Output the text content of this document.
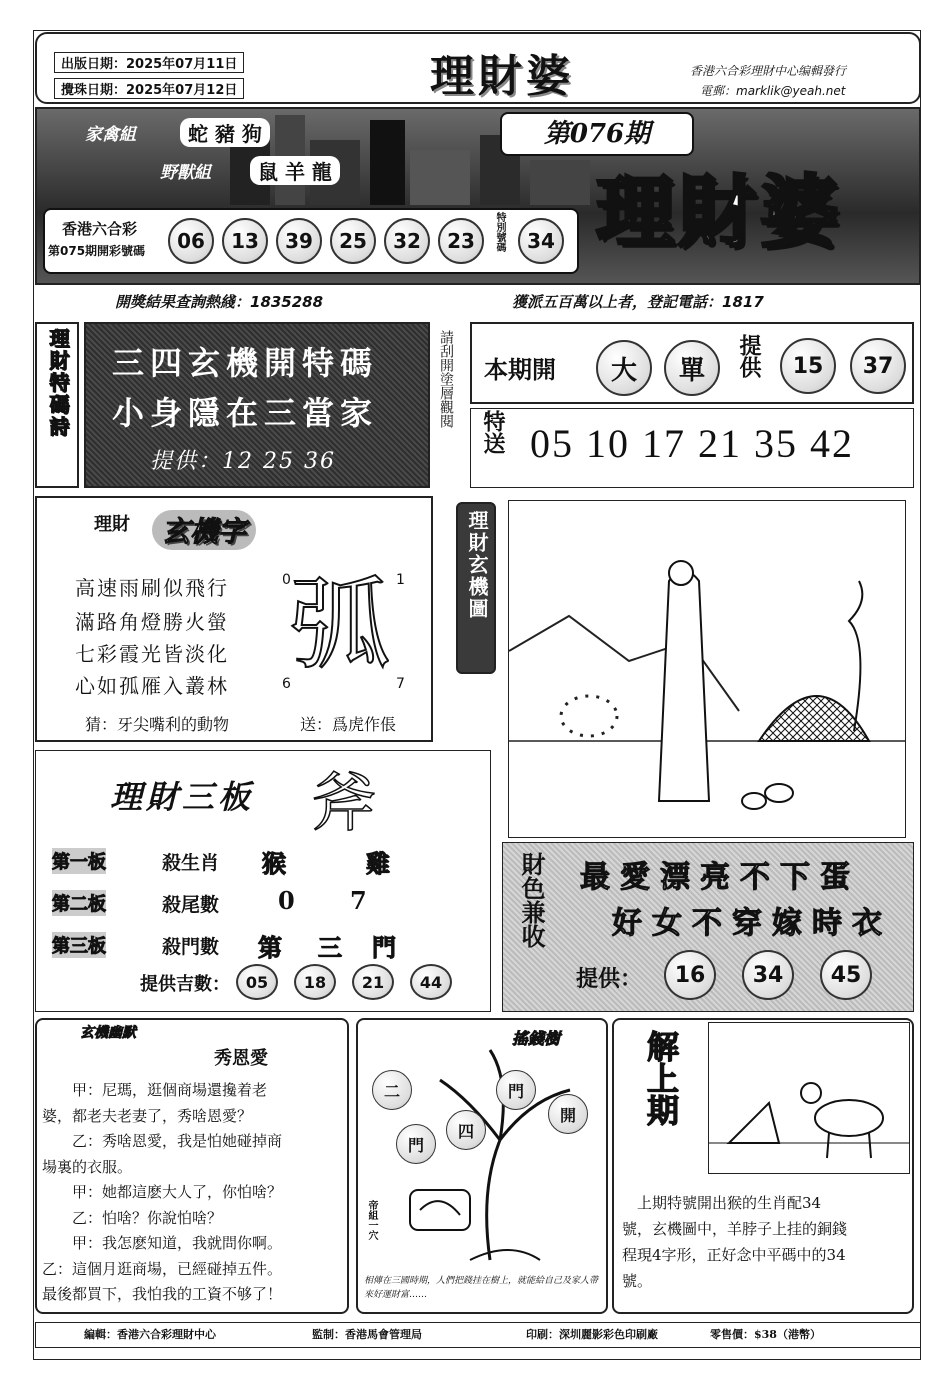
出版日期：2025年07月11日
攪珠日期：2025年07月12日	理財婆	香港六合彩理財中心编輯發行
電郵：marklik@yeah.net
家禽組	蛇 豬 狗
野獸組	鼠 羊 龍
第076期
理財婆
香港六合彩
第075期開彩號碼	06	13	39	25	32	23	特別號碼	34
開獎結果查詢熱綫：1835288	獲派五百萬以上者，登記電話：1817
理財特碼詩 三四玄機開特碼
小身隱在三當家
提供：12 25 36
請刮開塗層觀閱 本期開	大	單	提供	15	37
特送 05 10 17 21 35 42
理財	玄機字
高速雨刷似飛行
滿路角燈勝火螢
七彩霞光皆淡化
心如孤雁入叢林
0	1
6	7
弧
猜：牙尖嘴利的動物	送：爲虎作倀
理財玄機圖
理財三板 斧
第一板	殺生肖 猴	雞
第二板	殺尾數 0 7
第三板	殺門數 第 三 門
提供吉數： 05	18	21	44
財色兼收 最愛漂亮不下蛋
好女不穿嫁時衣
提供：	16	34	45
玄機幽默
秀恩愛
　　甲：尼瑪，逛個商場還攙着老
婆，都老夫老妻了，秀啥恩愛？
　　乙：秀啥恩愛，我是怕她碰掉商
場裏的衣服。
　　甲：她都這麽大人了，你怕啥？
　　乙：怕啥？你說怕啥？
　　甲：我怎麽知道，我就問你啊。
乙：這個月逛商場，已經碰掉五件。
最後都買下，我怕我的工資不够了！
搖錢樹
二
門
四
門
開
帝組一穴
相傳在三國時期，人們把錢挂在樹上，就能給自己及家人帶來好運財富……
解上期
　上期特號開出猴的生肖配34
號，玄機圖中，羊脖子上挂的銅錢
程現4字形，正好念中平碼中的34
號。
編輯：香港六合彩理財中心	監制：香港馬會管理局	印刷：深圳麗影彩色印刷廠	零售價：$38（港幣）
